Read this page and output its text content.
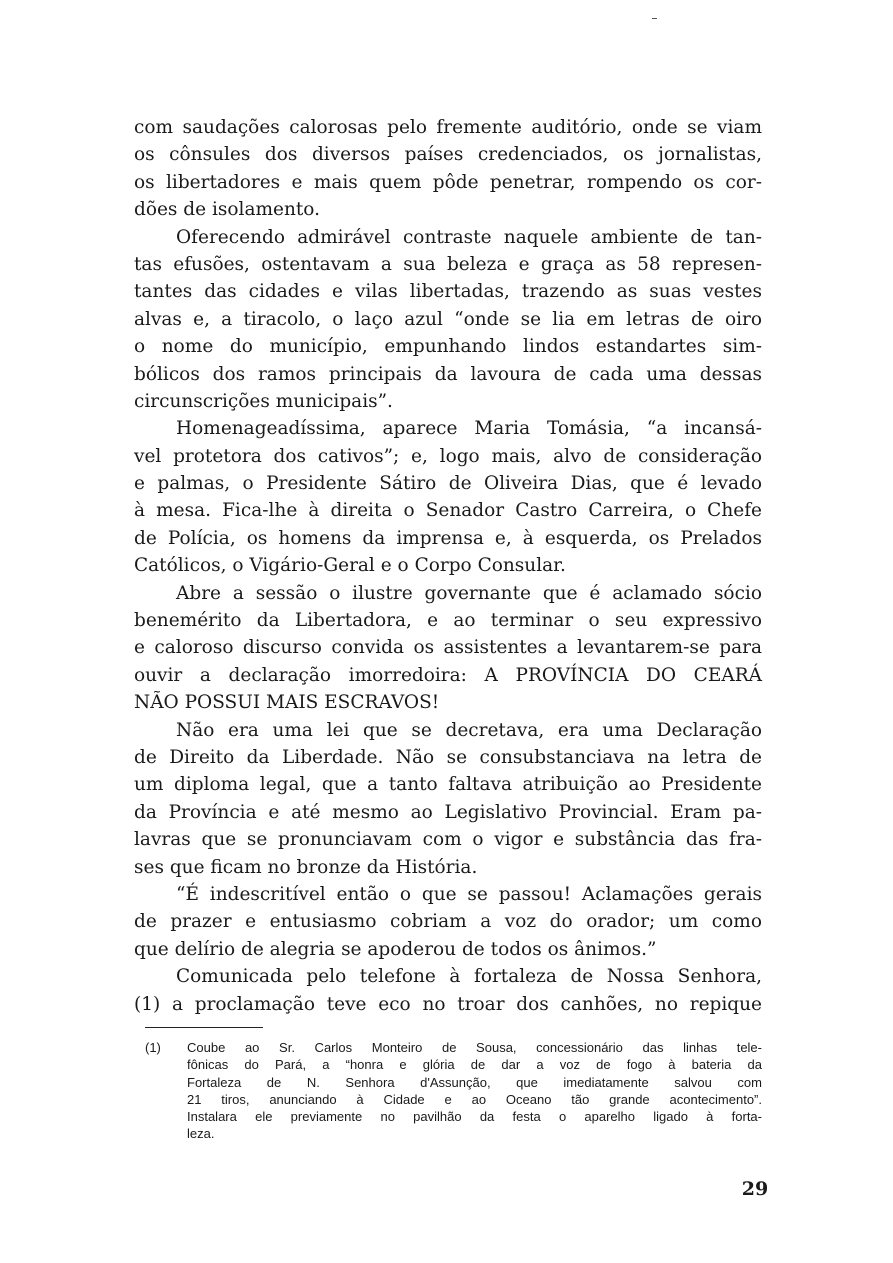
com saudações calorosas pelo fremente auditório, onde se viam
os cônsules dos diversos países credenciados, os jornalistas,
os libertadores e mais quem pôde penetrar, rompendo os cor-
dões de isolamento.
Oferecendo admirável contraste naquele ambiente de tan-
tas efusões, ostentavam a sua beleza e graça as 58 represen-
tantes das cidades e vilas libertadas, trazendo as suas vestes
alvas e, a tiracolo, o laço azul “onde se lia em letras de oiro
o nome do município, empunhando lindos estandartes sim-
bólicos dos ramos principais da lavoura de cada uma dessas
circunscrições municipais”.
Homenageadíssima, aparece Maria Tomásia, “a incansá-
vel protetora dos cativos”; e, logo mais, alvo de consideração
e palmas, o Presidente Sátiro de Oliveira Dias, que é levado
à mesa. Fica-lhe à direita o Senador Castro Carreira, o Chefe
de Polícia, os homens da imprensa e, à esquerda, os Prelados
Católicos, o Vigário-Geral e o Corpo Consular.
Abre a sessão o ilustre governante que é aclamado sócio
benemérito da Libertadora, e ao terminar o seu expressivo
e caloroso discurso convida os assistentes a levantarem-se para
ouvir a declaração imorredoira: A PROVÍNCIA DO CEARÁ
NÃO POSSUI MAIS ESCRAVOS!
Não era uma lei que se decretava, era uma Declaração
de Direito da Liberdade. Não se consubstanciava na letra de
um diploma legal, que a tanto faltava atribuição ao Presidente
da Província e até mesmo ao Legislativo Provincial. Eram pa-
lavras que se pronunciavam com o vigor e substância das fra-
ses que ficam no bronze da História.
“É indescritível então o que se passou! Aclamações gerais
de prazer e entusiasmo cobriam a voz do orador; um como
que delírio de alegria se apoderou de todos os ânimos.”
Comunicada pelo telefone à fortaleza de Nossa Senhora,
(1) a proclamação teve eco no troar dos canhões, no repique
(1) Coube ao Sr. Carlos Monteiro de Sousa, concessionário das linhas tele-
fônicas do Pará, a “honra e glória de dar a voz de fogo à bateria da
Fortaleza de N. Senhora d'Assunção, que imediatamente salvou com
21 tiros, anunciando à Cidade e ao Oceano tão grande acontecimento”.
Instalara ele previamente no pavilhão da festa o aparelho ligado à forta-
leza.
29
